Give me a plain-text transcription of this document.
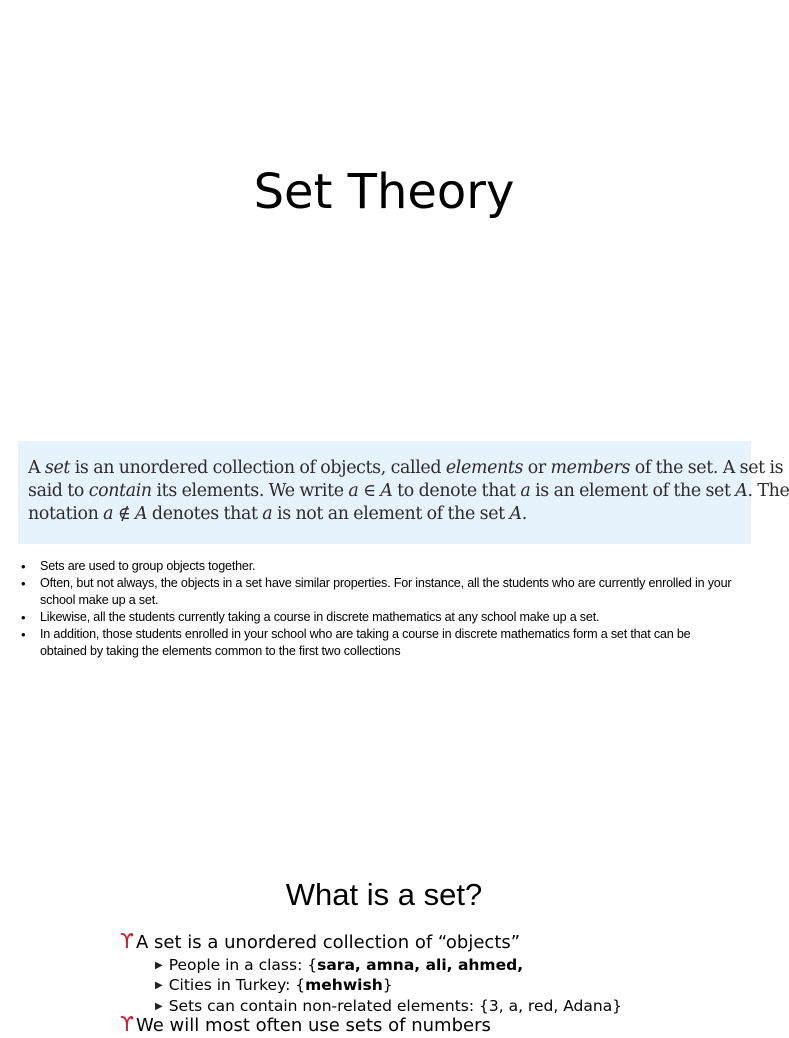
Set Theory
A set is an unordered collection of objects, called elements or members of the set. A set is
said to contain its elements. We write a ∈ A to denote that a is an element of the set A. The
notation a ∉ A denotes that a is not an element of the set A.
• Sets are used to group objects together.
• Often, but not always, the objects in a set have similar properties. For instance, all the students who are currently enrolled in your school make up a set.
• Likewise, all the students currently taking a course in discrete mathematics at any school make up a set.
• In addition, those students enrolled in your school who are taking a course in discrete mathematics form a set that can be obtained by taking the elements common to the first two collections
What is a set?
ϒ A set is a unordered collection of “objects”
▶ People in a class: {sara, amna, ali, ahmed,
▶ Cities in Turkey: {mehwish}
▶ Sets can contain non-related elements: {3, a, red, Adana}
ϒ We will most often use sets of numbers
